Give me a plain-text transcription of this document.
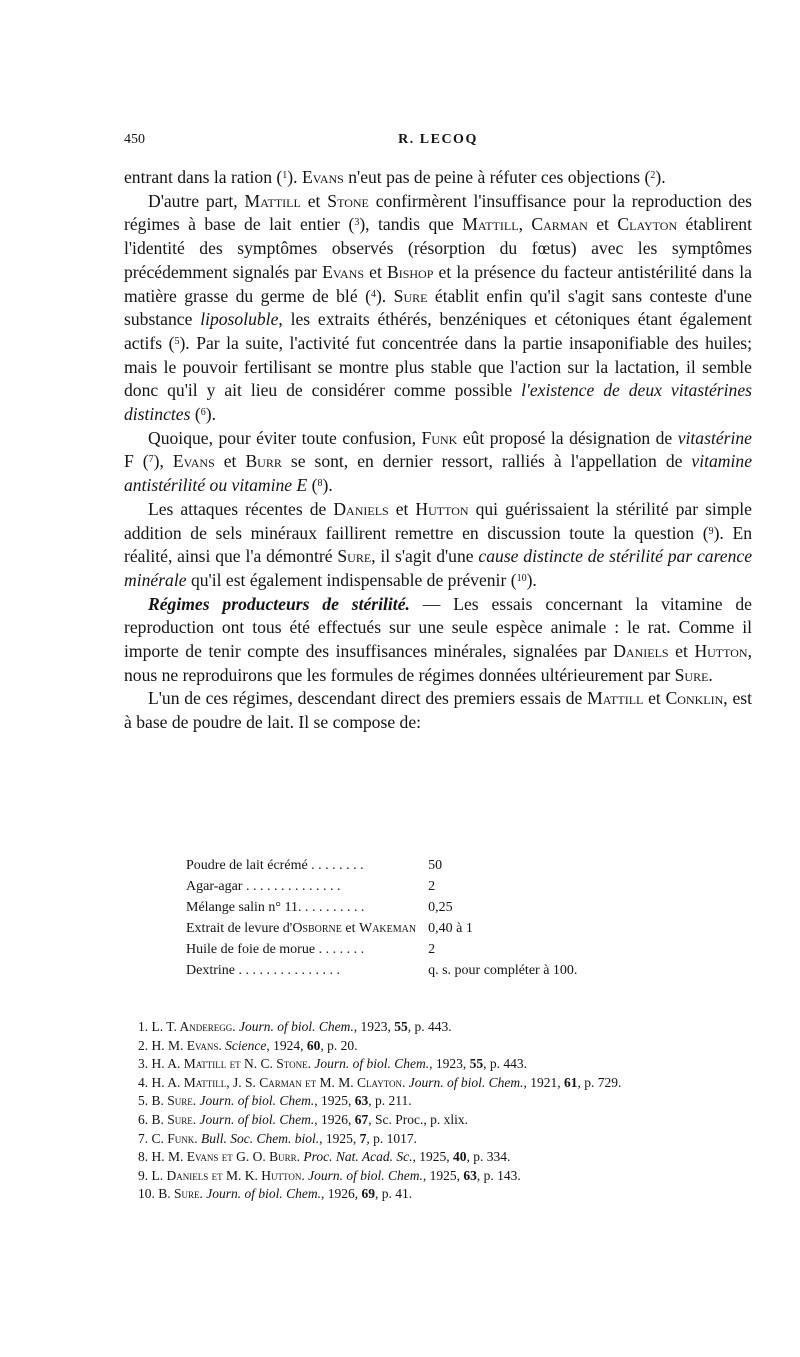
450	R. LECOQ

entrant dans la ration ($^1$). Evans n'eut pas de peine à réfuter ces objections ($^2$).

D'autre part, Mattill et Stone confirmèrent l'insuffisance pour la reproduction des régimes à base de lait entier ($^3$), tandis que Mattill, Carman et Clayton établirent l'identité des symptômes observés (résorption du fœtus) avec les symptômes précédemment signalés par Evans et Bishop et la présence du facteur antistérilité dans la matière grasse du germe de blé ($^4$). Sure établit enfin qu'il s'agit sans conteste d'une substance liposoluble, les extraits éthérés, benzéniques et cétoniques étant également actifs ($^5$). Par la suite, l'activité fut concentrée dans la partie insaponifiable des huiles; mais le pouvoir fertilisant se montre plus stable que l'action sur la lactation, il semble donc qu'il y ait lieu de considérer comme possible l'existence de deux vitastérines distinctes ($^6$).

Quoique, pour éviter toute confusion, Funk eût proposé la désignation de vitastérine F ($^7$), Evans et Burr se sont, en dernier ressort, ralliés à l'appellation de vitamine antistérilité ou vitamine E ($^8$).

Les attaques récentes de Daniels et Hutton qui guérissaient la stérilité par simple addition de sels minéraux faillirent remettre en discussion toute la question ($^9$). En réalité, ainsi que l'a démontré Sure, il s'agit d'une cause distincte de stérilité par carence minérale qu'il est également indispensable de prévenir ($^{10}$).

Régimes producteurs de stérilité. — Les essais concernant la vitamine de reproduction ont tous été effectués sur une seule espèce animale : le rat. Comme il importe de tenir compte des insuffisances minérales, signalées par Daniels et Hutton, nous ne reproduirons que les formules de régimes données ultérieurement par Sure.

L'un de ces régimes, descendant direct des premiers essais de Mattill et Conklin, est à base de poudre de lait. Il se compose de:

Poudre de lait écrémé . . . . . . . .	50
Agar-agar . . . . . . . . . . . . . .	2
Mélange salin n° 11. . . . . . . . . .	0,25
Extrait de levure d'Osborne et Wakeman	0,40 à 1
Huile de foie de morue . . . . . . .	2
Dextrine . . . . . . . . . . . . . . .	q. s. pour compléter à 100.

1. L. T. Anderegg. Journ. of biol. Chem., 1923, 55, p. 443.

2. H. M. Evans. Science, 1924, 60, p. 20.

3. H. A. Mattill et N. C. Stone. Journ. of biol. Chem., 1923, 55, p. 443.

4. H. A. Mattill, J. S. Carman et M. M. Clayton. Journ. of biol. Chem., 1921, 61, p. 729.

5. B. Sure. Journ. of biol. Chem., 1925, 63, p. 211.

6. B. Sure. Journ. of biol. Chem., 1926, 67, Sc. Proc., p. xlix.

7. C. Funk. Bull. Soc. Chem. biol., 1925, 7, p. 1017.

8. H. M. Evans et G. O. Burr. Proc. Nat. Acad. Sc., 1925, 40, p. 334.

9. L. Daniels et M. K. Hutton. Journ. of biol. Chem., 1925, 63, p. 143.

10. B. Sure. Journ. of biol. Chem., 1926, 69, p. 41.
